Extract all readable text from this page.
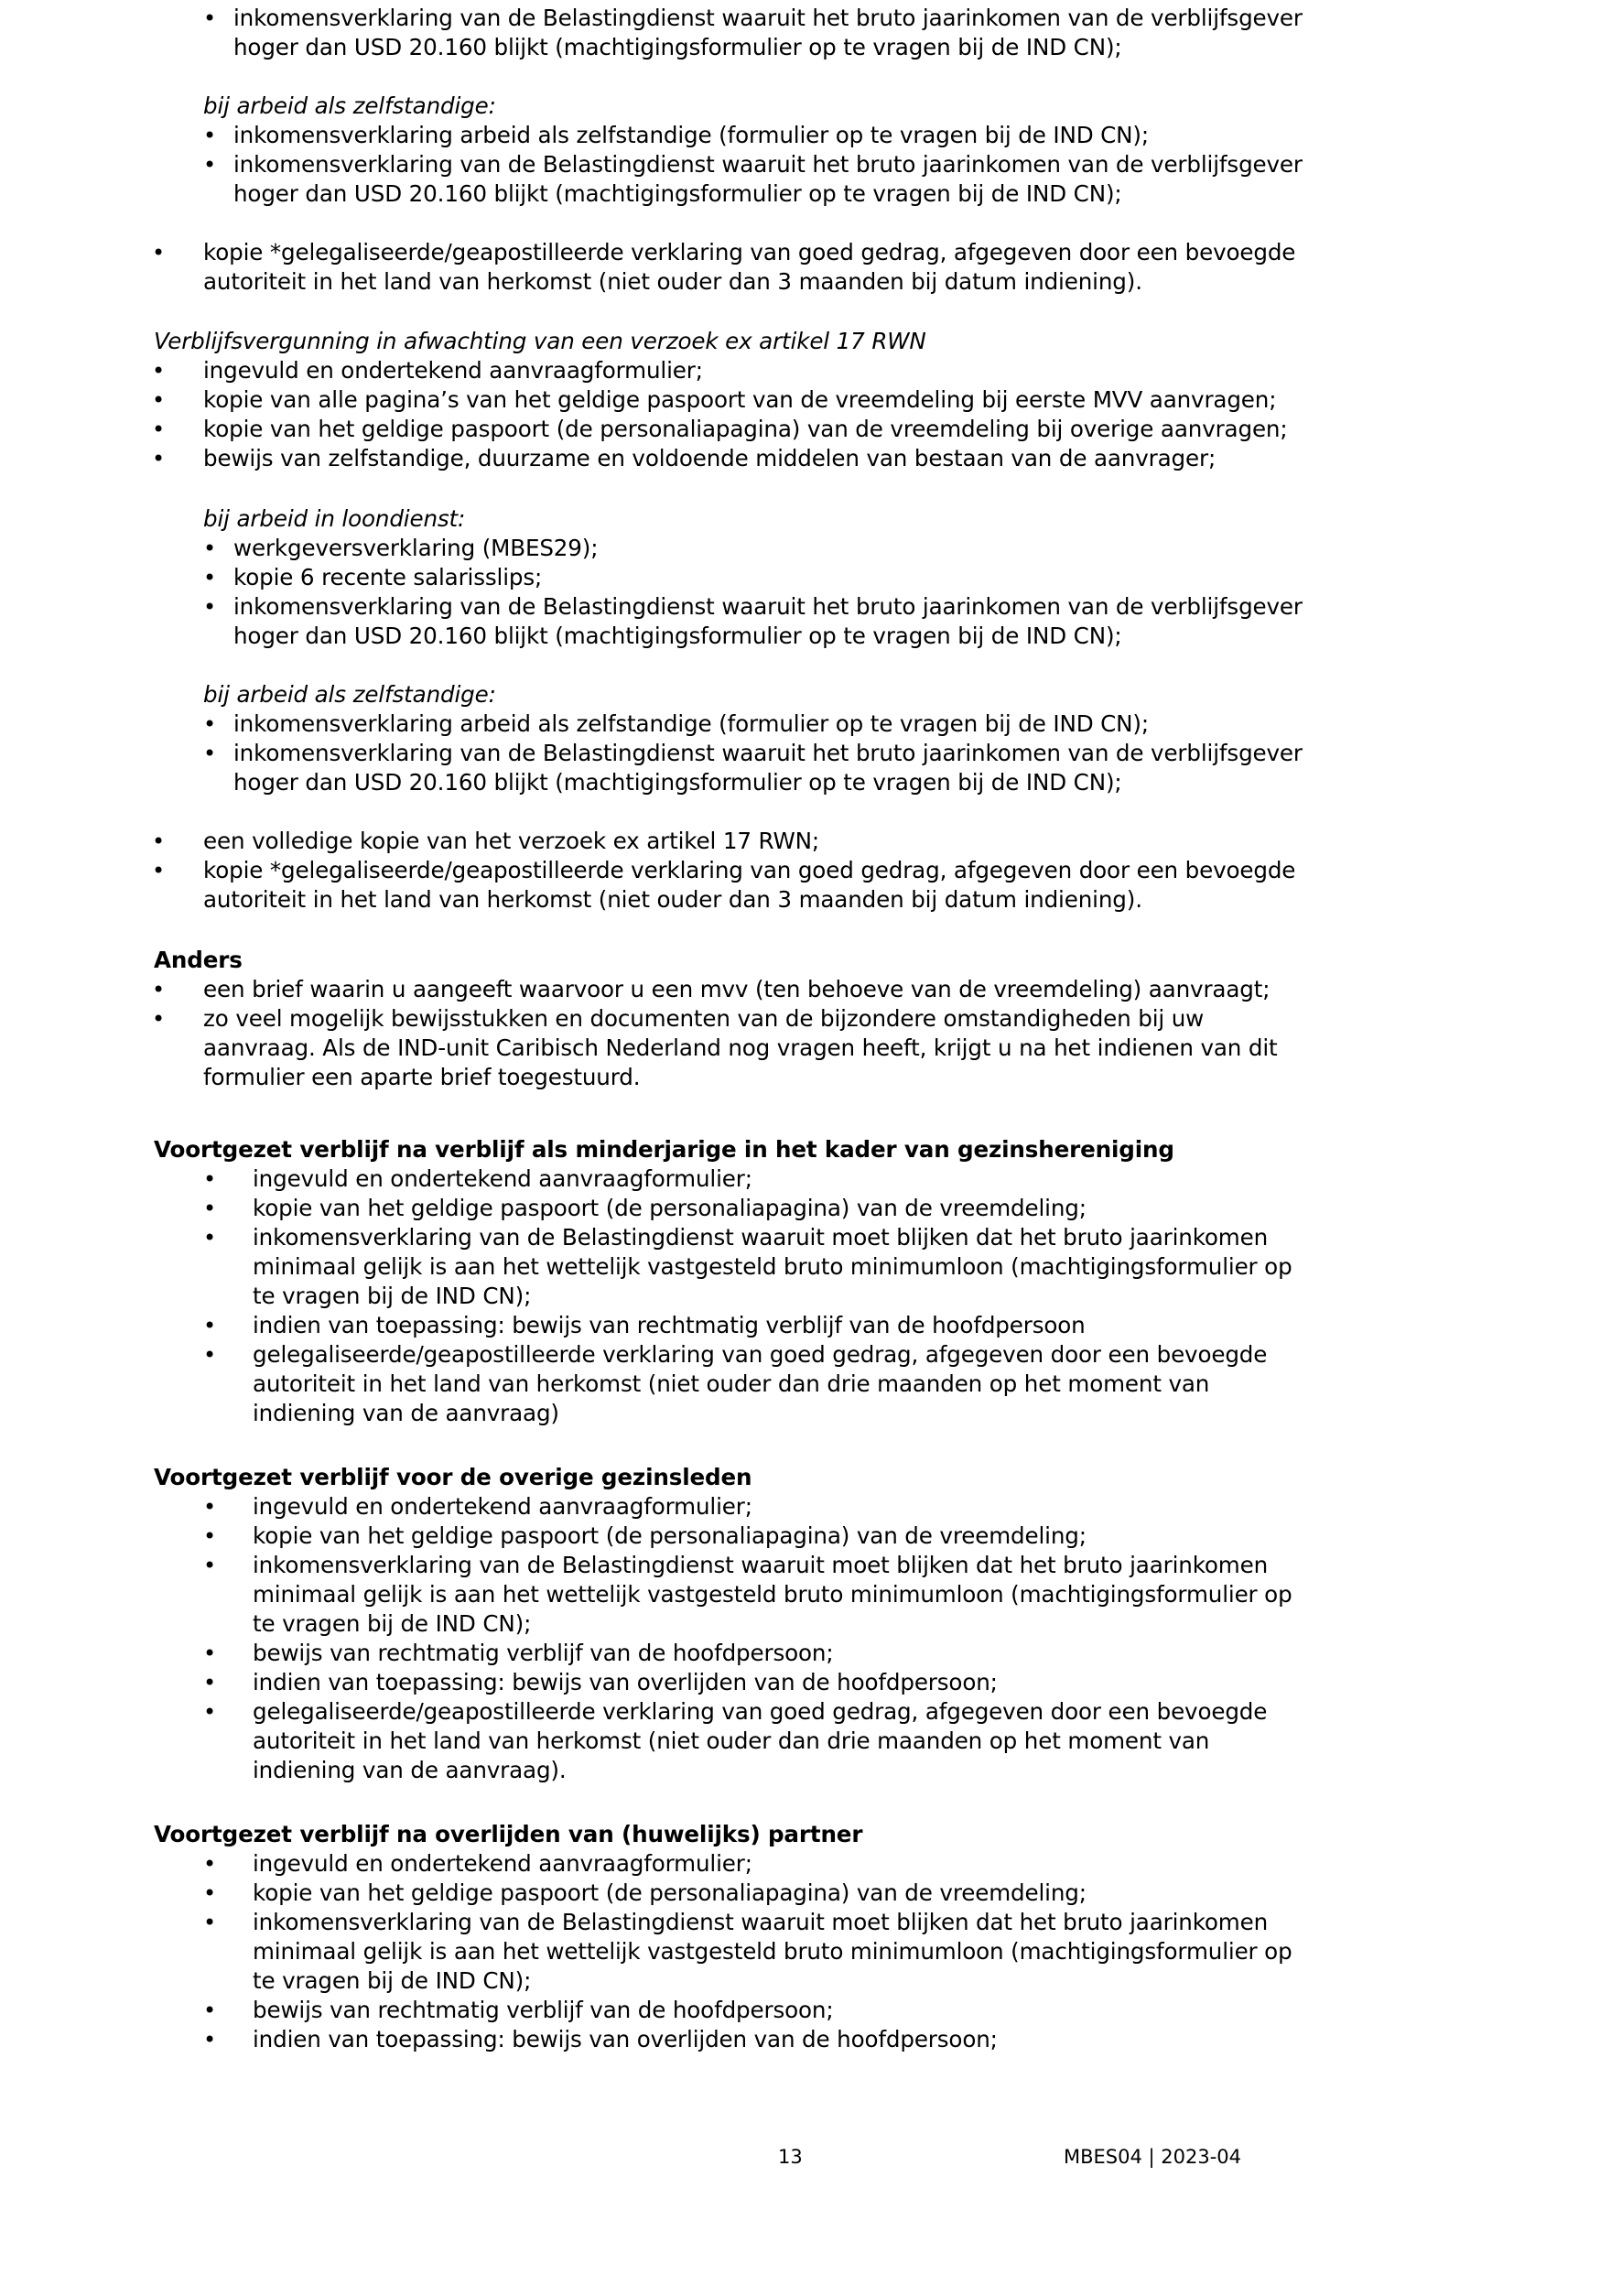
• inkomensverklaring van de Belastingdienst waaruit het bruto jaarinkomen van de verblijfsgever
hoger dan USD 20.160 blijkt (machtigingsformulier op te vragen bij de IND CN);
bij arbeid als zelfstandige:
• inkomensverklaring arbeid als zelfstandige (formulier op te vragen bij de IND CN);
• inkomensverklaring van de Belastingdienst waaruit het bruto jaarinkomen van de verblijfsgever
hoger dan USD 20.160 blijkt (machtigingsformulier op te vragen bij de IND CN);
• kopie *gelegaliseerde/geapostilleerde verklaring van goed gedrag, afgegeven door een bevoegde
autoriteit in het land van herkomst (niet ouder dan 3 maanden bij datum indiening).
Verblijfsvergunning in afwachting van een verzoek ex artikel 17 RWN
• ingevuld en ondertekend aanvraagformulier;
• kopie van alle pagina’s van het geldige paspoort van de vreemdeling bij eerste MVV aanvragen;
• kopie van het geldige paspoort (de personaliapagina) van de vreemdeling bij overige aanvragen;
• bewijs van zelfstandige, duurzame en voldoende middelen van bestaan van de aanvrager;
bij arbeid in loondienst:
• werkgeversverklaring (MBES29);
• kopie 6 recente salarisslips;
• inkomensverklaring van de Belastingdienst waaruit het bruto jaarinkomen van de verblijfsgever
hoger dan USD 20.160 blijkt (machtigingsformulier op te vragen bij de IND CN);
bij arbeid als zelfstandige:
• inkomensverklaring arbeid als zelfstandige (formulier op te vragen bij de IND CN);
• inkomensverklaring van de Belastingdienst waaruit het bruto jaarinkomen van de verblijfsgever
hoger dan USD 20.160 blijkt (machtigingsformulier op te vragen bij de IND CN);
• een volledige kopie van het verzoek ex artikel 17 RWN;
• kopie *gelegaliseerde/geapostilleerde verklaring van goed gedrag, afgegeven door een bevoegde
autoriteit in het land van herkomst (niet ouder dan 3 maanden bij datum indiening).
Anders
• een brief waarin u aangeeft waarvoor u een mvv (ten behoeve van de vreemdeling) aanvraagt;
• zo veel mogelijk bewijsstukken en documenten van de bijzondere omstandigheden bij uw
aanvraag. Als de IND-unit Caribisch Nederland nog vragen heeft, krijgt u na het indienen van dit
formulier een aparte brief toegestuurd.
Voortgezet verblijf na verblijf als minderjarige in het kader van gezinshereniging
• ingevuld en ondertekend aanvraagformulier;
• kopie van het geldige paspoort (de personaliapagina) van de vreemdeling;
• inkomensverklaring van de Belastingdienst waaruit moet blijken dat het bruto jaarinkomen
minimaal gelijk is aan het wettelijk vastgesteld bruto minimumloon (machtigingsformulier op
te vragen bij de IND CN);
• indien van toepassing: bewijs van rechtmatig verblijf van de hoofdpersoon
• gelegaliseerde/geapostilleerde verklaring van goed gedrag, afgegeven door een bevoegde
autoriteit in het land van herkomst (niet ouder dan drie maanden op het moment van
indiening van de aanvraag)
Voortgezet verblijf voor de overige gezinsleden
• ingevuld en ondertekend aanvraagformulier;
• kopie van het geldige paspoort (de personaliapagina) van de vreemdeling;
• inkomensverklaring van de Belastingdienst waaruit moet blijken dat het bruto jaarinkomen
minimaal gelijk is aan het wettelijk vastgesteld bruto minimumloon (machtigingsformulier op
te vragen bij de IND CN);
• bewijs van rechtmatig verblijf van de hoofdpersoon;
• indien van toepassing: bewijs van overlijden van de hoofdpersoon;
• gelegaliseerde/geapostilleerde verklaring van goed gedrag, afgegeven door een bevoegde
autoriteit in het land van herkomst (niet ouder dan drie maanden op het moment van
indiening van de aanvraag).
Voortgezet verblijf na overlijden van (huwelijks) partner
• ingevuld en ondertekend aanvraagformulier;
• kopie van het geldige paspoort (de personaliapagina) van de vreemdeling;
• inkomensverklaring van de Belastingdienst waaruit moet blijken dat het bruto jaarinkomen
minimaal gelijk is aan het wettelijk vastgesteld bruto minimumloon (machtigingsformulier op
te vragen bij de IND CN);
• bewijs van rechtmatig verblijf van de hoofdpersoon;
• indien van toepassing: bewijs van overlijden van de hoofdpersoon;
13	MBES04 | 2023-04
